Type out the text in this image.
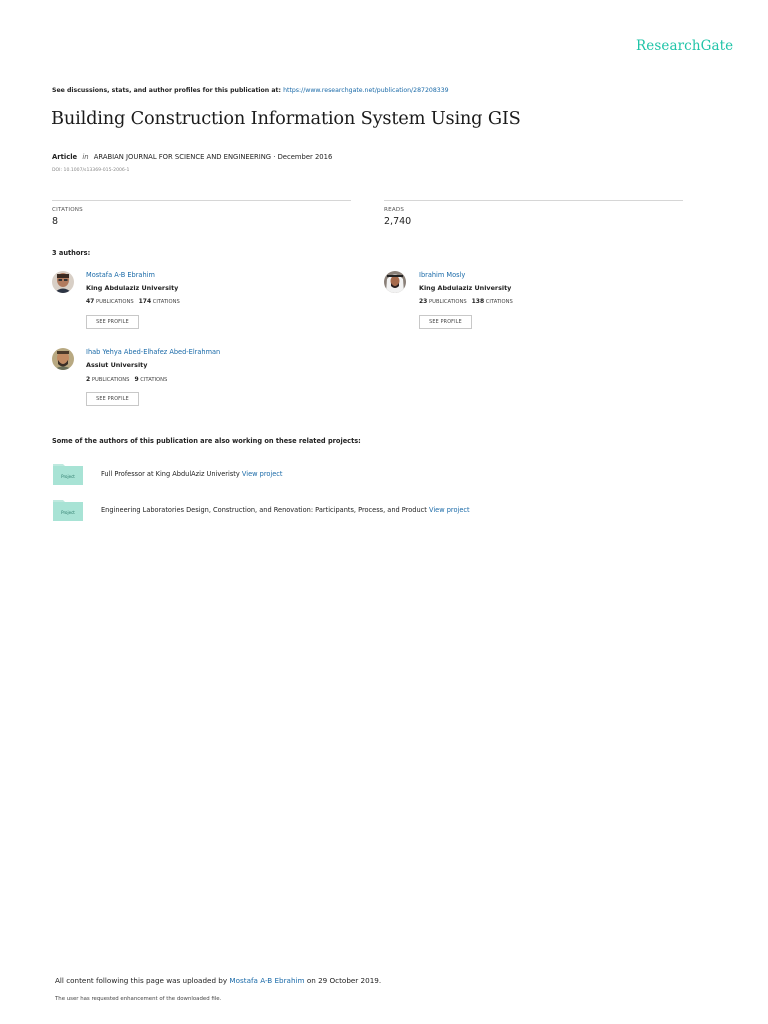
ResearchGate
See discussions, stats, and author profiles for this publication at: https://www.researchgate.net/publication/287208339
Building Construction Information System Using GIS
Article in ARABIAN JOURNAL FOR SCIENCE AND ENGINEERING · December 2016
DOI: 10.1007/s13369-015-2006-1
CITATIONS
8
READS
2,740
3 authors:
Mostafa A-B Ebrahim
King Abdulaziz University
47 PUBLICATIONS 174 CITATIONS
SEE PROFILE
Ibrahim Mosly
King Abdulaziz University
23 PUBLICATIONS 138 CITATIONS
SEE PROFILE
Ihab Yehya Abed-Elhafez Abed-Elrahman
Assiut University
2 PUBLICATIONS 9 CITATIONS
SEE PROFILE
Some of the authors of this publication are also working on these related projects:
Project	Full Professor at King AbdulAziz Univeristy View project
Project	Engineering Laboratories Design, Construction, and Renovation: Participants, Process, and Product View project
All content following this page was uploaded by Mostafa A-B Ebrahim on 29 October 2019.
The user has requested enhancement of the downloaded file.
